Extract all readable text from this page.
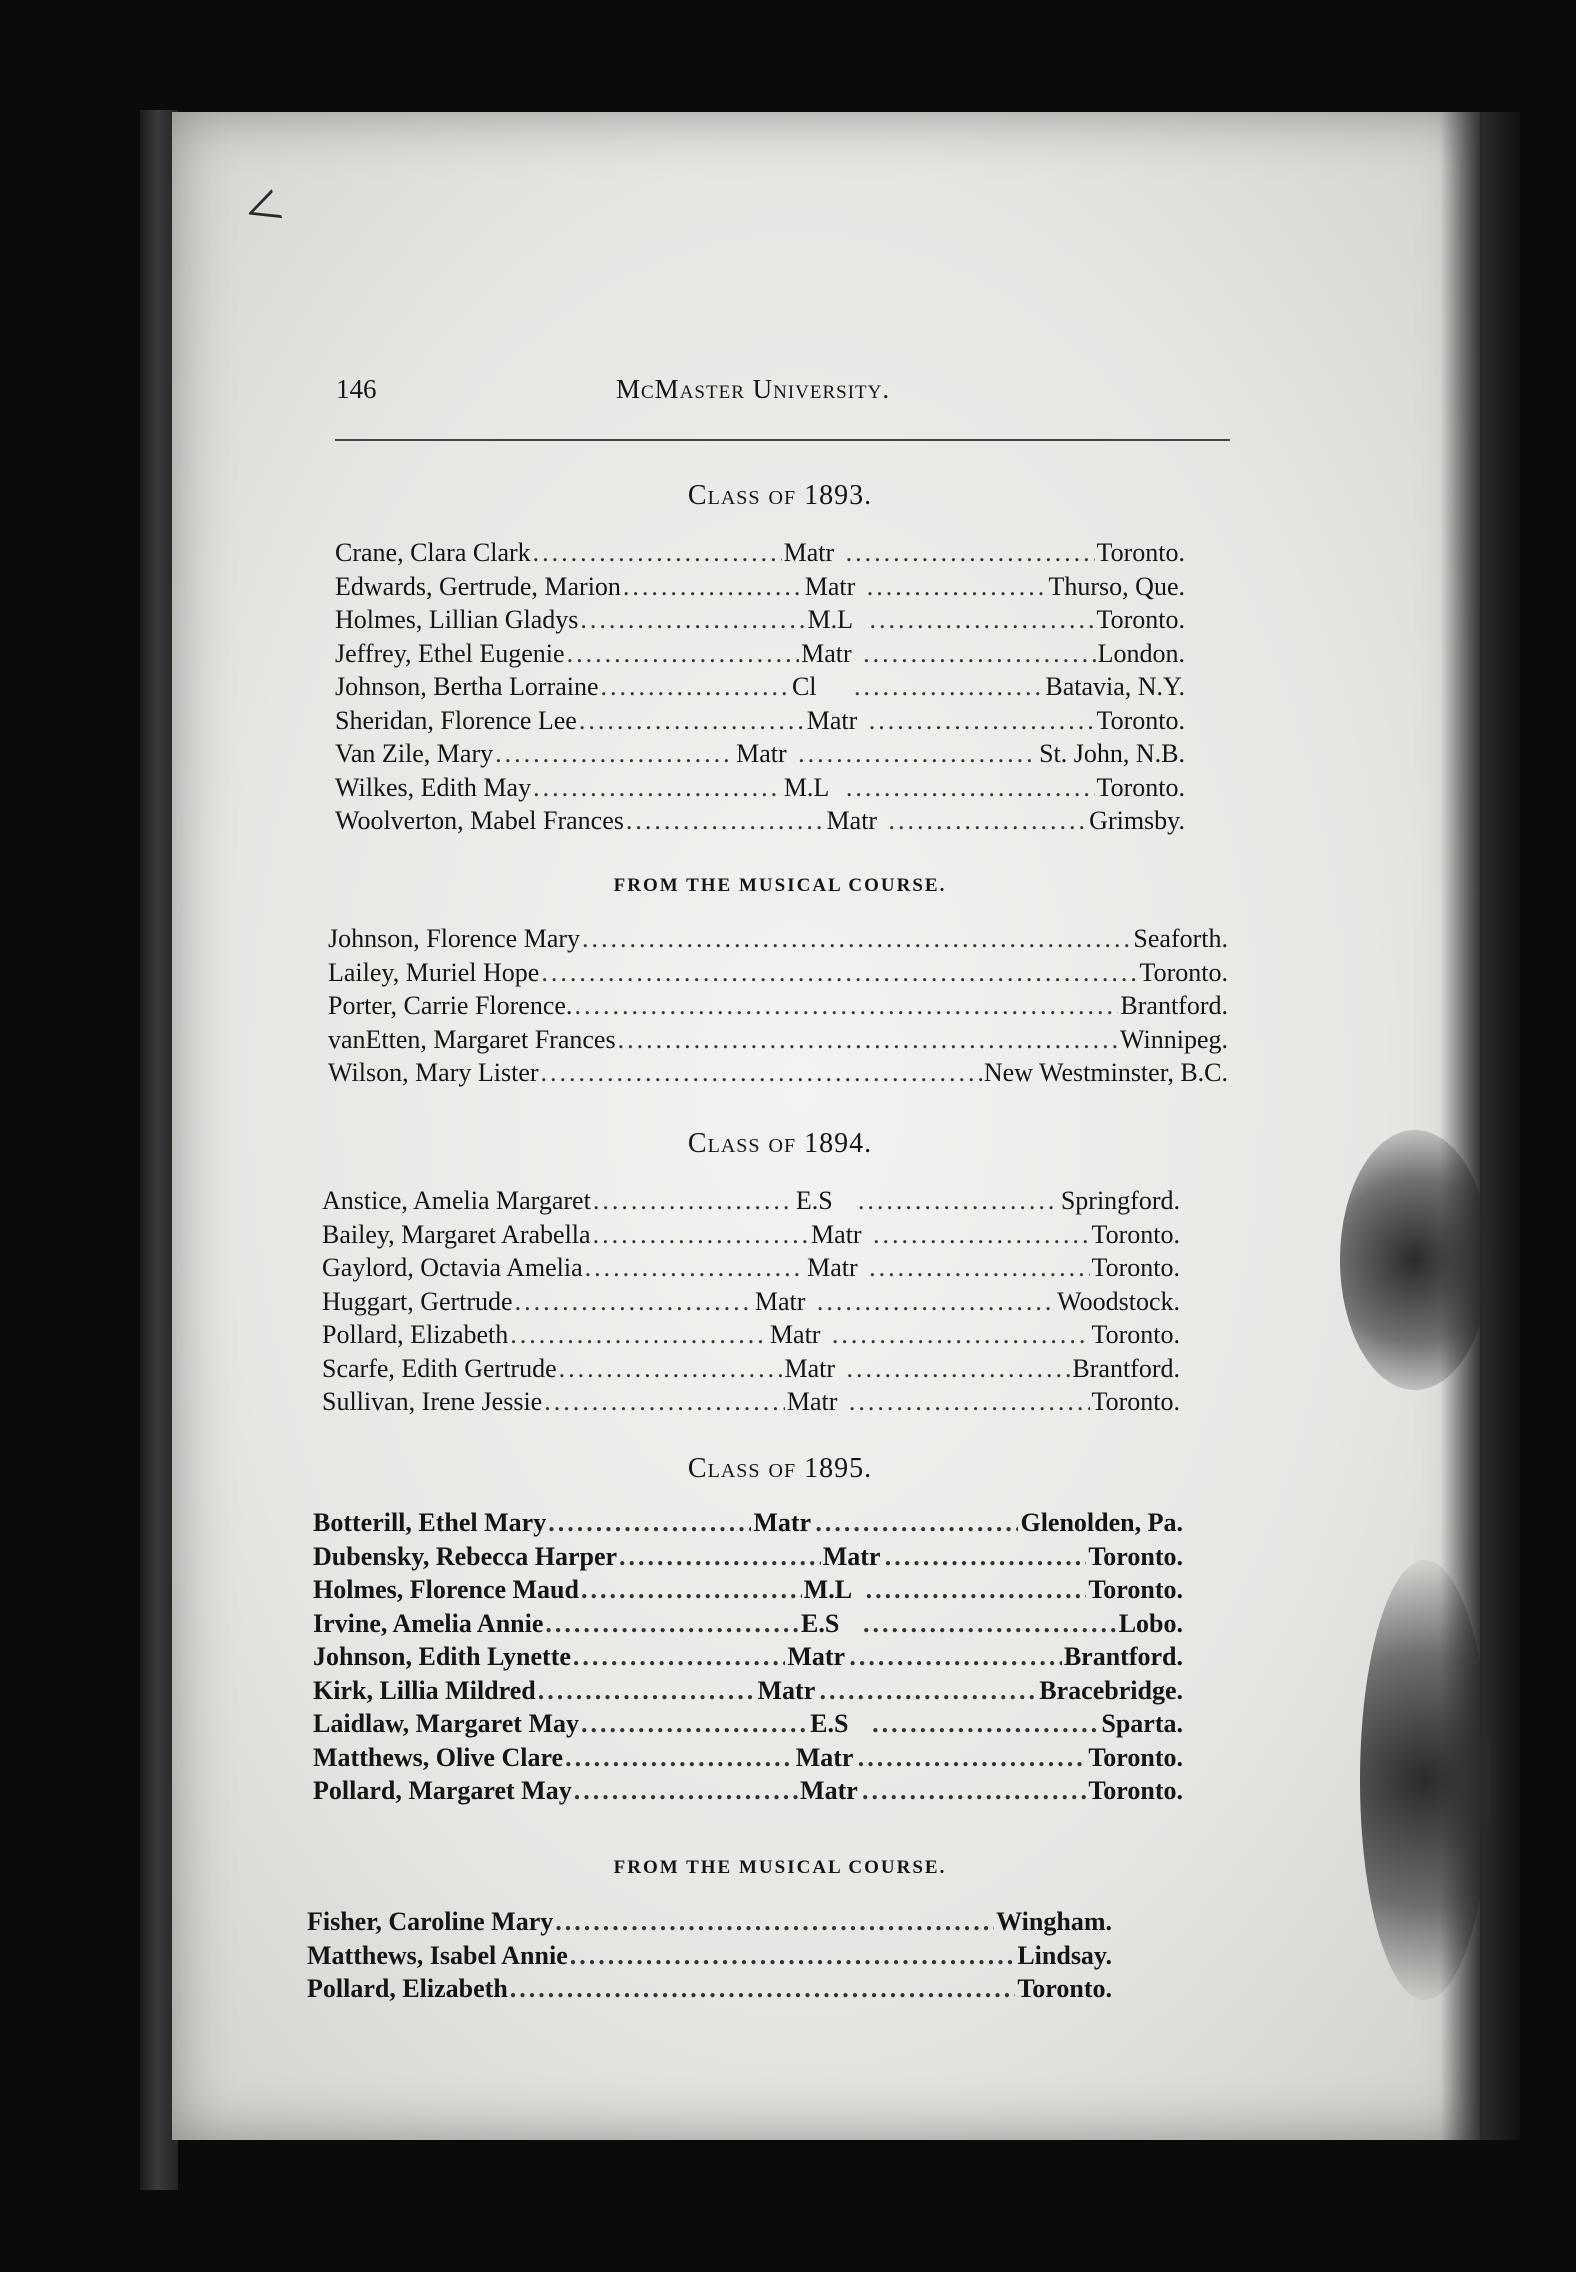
<
146	McMaster University.
Class of 1893.
Crane, Clara Clark .....	Matr .....	Toronto.
Edwards, Gertrude, Marion .....	Matr .....	Thurso, Que.
Holmes, Lillian Gladys .....	M.L .....	Toronto.
Jeffrey, Ethel Eugenie .....	Matr .....	London.
Johnson, Bertha Lorraine .....	Cl .....	Batavia, N.Y.
Sheridan, Florence Lee .....	Matr .....	Toronto.
Van Zile, Mary .....	Matr .....	St. John, N.B.
Wilkes, Edith May .....	M.L .....	Toronto.
Woolverton, Mabel Frances .....	Matr .....	Grimsby.
FROM THE MUSICAL COURSE.
Johnson, Florence Mary .....	Seaforth.
Lailey, Muriel Hope .....	Toronto.
Porter, Carrie Florence. .....	Brantford.
vanEtten, Margaret Frances .....	Winnipeg.
Wilson, Mary Lister .....	New Westminster, B.C.
Class of 1894.
Anstice, Amelia Margaret .....	E.S .....	Springford.
Bailey, Margaret Arabella .....	Matr .....	Toronto.
Gaylord, Octavia Amelia .....	Matr .....	Toronto.
Huggart, Gertrude .....	Matr .....	Woodstock.
Pollard, Elizabeth .....	Matr .....	Toronto.
Scarfe, Edith Gertrude .....	Matr .....	Brantford.
Sullivan, Irene Jessie .....	Matr .....	Toronto.
Class of 1895.
Botterill, Ethel Mary .....	Matr .....	Glenolden, Pa.
Dubensky, Rebecca Harper .....	Matr .....	Toronto.
Holmes, Florence Maud .....	M.L .....	Toronto.
Irvine, Amelia Annie .....	E.S .....	Lobo.
Johnson, Edith Lynette .....	Matr .....	Brantford.
Kirk, Lillia Mildred .....	Matr .....	Bracebridge.
Laidlaw, Margaret May .....	E.S .....	Sparta.
Matthews, Olive Clare .....	Matr .....	Toronto.
Pollard, Margaret May .....	Matr .....	Toronto.
FROM THE MUSICAL COURSE.
Fisher, Caroline Mary .....	Wingham.
Matthews, Isabel Annie .....	Lindsay.
Pollard, Elizabeth .....	Toronto.
